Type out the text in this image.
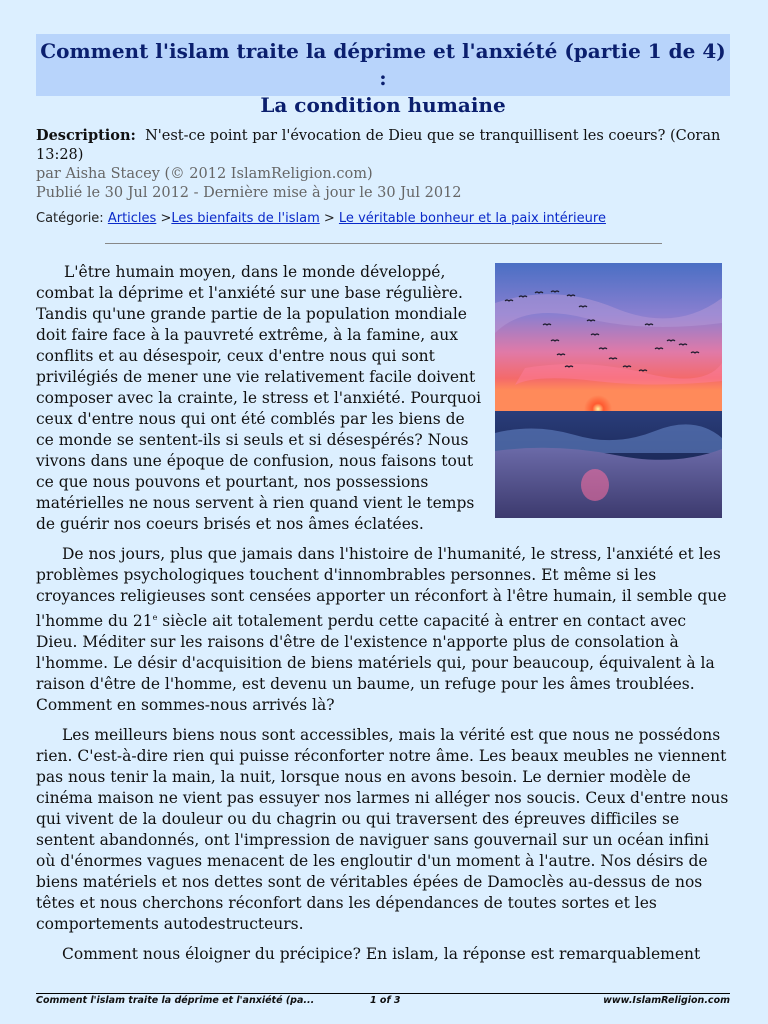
Comment l'islam traite la déprime et l'anxiété (partie 1 de 4) :
La condition humaine
Description: N'est-ce point par l'évocation de Dieu que se tranquillisent les coeurs? (Coran 13:28)
par Aisha Stacey (© 2012 IslamReligion.com)
Publié le 30 Jul 2012 - Dernière mise à jour le 30 Jul 2012
Catégorie: Articles >Les bienfaits de l'islam > Le véritable bonheur et la paix intérieure

L'être humain moyen, dans le monde développé, combat la déprime et l'anxiété sur une base régulière. Tandis qu'une grande partie de la population mondiale doit faire face à la pauvreté extrême, à la famine, aux conflits et au désespoir, ceux d'entre nous qui sont privilégiés de mener une vie relativement facile doivent composer avec la crainte, le stress et l'anxiété. Pourquoi ceux d'entre nous qui ont été comblés par les biens de ce monde se sentent-ils si seuls et si désespérés? Nous vivons dans une époque de confusion, nous faisons tout ce que nous pouvons et pourtant, nos possessions matérielles ne nous servent à rien quand vient le temps de guérir nos coeurs brisés et nos âmes éclatées.

De nos jours, plus que jamais dans l'histoire de l'humanité, le stress, l'anxiété et les problèmes psychologiques touchent d'innombrables personnes. Et même si les croyances religieuses sont censées apporter un réconfort à l'être humain, il semble que l'homme du 21e siècle ait totalement perdu cette capacité à entrer en contact avec Dieu. Méditer sur les raisons d'être de l'existence n'apporte plus de consolation à l'homme. Le désir d'acquisition de biens matériels qui, pour beaucoup, équivalent à la raison d'être de l'homme, est devenu un baume, un refuge pour les âmes troublées. Comment en sommes-nous arrivés là?

Les meilleurs biens nous sont accessibles, mais la vérité est que nous ne possédons rien. C'est-à-dire rien qui puisse réconforter notre âme. Les beaux meubles ne viennent pas nous tenir la main, la nuit, lorsque nous en avons besoin. Le dernier modèle de cinéma maison ne vient pas essuyer nos larmes ni alléger nos soucis. Ceux d'entre nous qui vivent de la douleur ou du chagrin ou qui traversent des épreuves difficiles se sentent abandonnés, ont l'impression de naviguer sans gouvernail sur un océan infini où d'énormes vagues menacent de les engloutir d'un moment à l'autre. Nos désirs de biens matériels et nos dettes sont de véritables épées de Damoclès au-dessus de nos têtes et nous cherchons réconfort dans les dépendances de toutes sortes et les comportements autodestructeurs.

Comment nous éloigner du précipice? En islam, la réponse est remarquablement

Comment l'islam traite la déprime et l'anxiété (pa...	1 of 3	www.IslamReligion.com
